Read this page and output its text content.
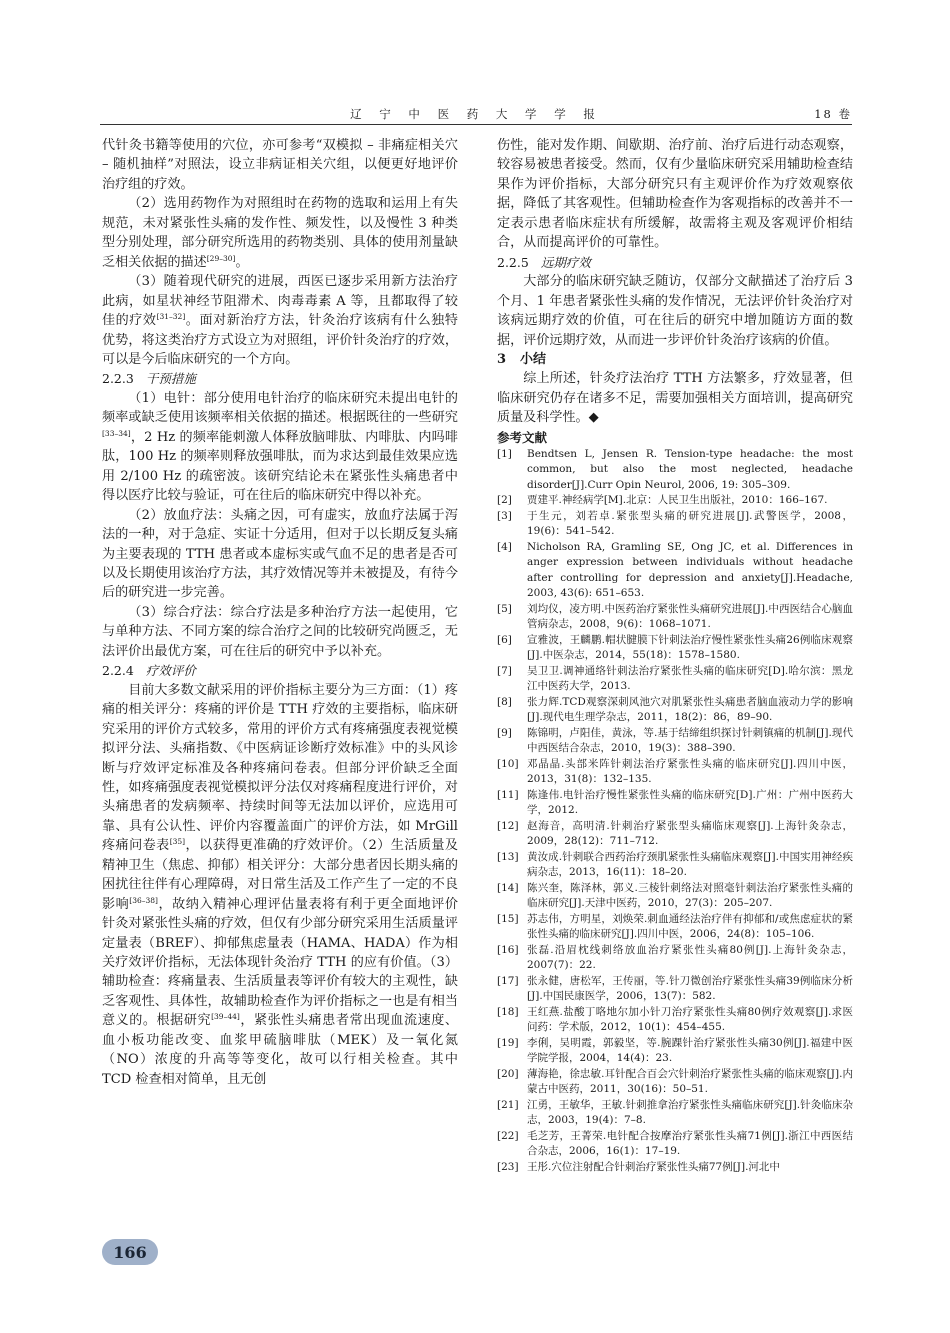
辽 宁 中 医 药 大 学 学 报	18 卷

代针灸书籍等使用的穴位，亦可参考“双模拟 – 非痛症相关穴 – 随机抽样”对照法，设立非病证相关穴组，以便更好地评价治疗组的疗效。

（2）选用药物作为对照组时在药物的选取和运用上有失规范，未对紧张性头痛的发作性、频发性，以及慢性 3 种类型分别处理，部分研究所选用的药物类别、具体的使用剂量缺乏相关依据的描述[29–30]。

（3）随着现代研究的进展，西医已逐步采用新方法治疗此病，如星状神经节阻滞术、肉毒毒素 A 等，且都取得了较佳的疗效[31–32]。面对新治疗方法，针灸治疗该病有什么独特优势，将这类治疗方式设立为对照组，评价针灸治疗的疗效，可以是今后临床研究的一个方向。

2.2.3 干预措施

（1）电针：部分使用电针治疗的临床研究未提出电针的频率或缺乏使用该频率相关依据的描述。根据既往的一些研究[33–34]，2 Hz 的频率能刺激人体释放脑啡肽、内啡肽、内吗啡肽，100 Hz 的频率则释放强啡肽，而为求达到最佳效果应选用 2/100 Hz 的疏密波。该研究结论未在紧张性头痛患者中得以医疗比较与验证，可在往后的临床研究中得以补充。

（2）放血疗法：头痛之因，可有虚实，放血疗法属于泻法的一种，对于急症、实证十分适用，但对于以长期反复头痛为主要表现的 TTH 患者或本虚标实或气血不足的患者是否可以及长期使用该治疗方法，其疗效情况等并未被提及，有待今后的研究进一步完善。

（3）综合疗法：综合疗法是多种治疗方法一起使用，它与单种方法、不同方案的综合治疗之间的比较研究尚匮乏，无法评价出最优方案，可在往后的研究中予以补充。

2.2.4 疗效评价

目前大多数文献采用的评价指标主要分为三方面：（1）疼痛的相关评分：疼痛的评价是 TTH 疗效的主要指标，临床研究采用的评价方式较多，常用的评价方式有疼痛强度表视觉模拟评分法、头痛指数、《中医病证诊断疗效标准》中的头风诊断与疗效评定标准及各种疼痛问卷表。但部分评价缺乏全面性，如疼痛强度表视觉模拟评分法仅对疼痛程度进行评价，对头痛患者的发病频率、持续时间等无法加以评价，应选用可靠、具有公认性、评价内容覆盖面广的评价方法，如 MrGill 疼痛问卷表[35]，以获得更准确的疗效评价。（2）生活质量及精神卫生（焦虑、抑郁）相关评分：大部分患者因长期头痛的困扰往往伴有心理障碍，对日常生活及工作产生了一定的不良影响[36–38]，故纳入精神心理评估量表将有利于更全面地评价针灸对紧张性头痛的疗效，但仅有少部分研究采用生活质量评定量表（BREF）、抑郁焦虑量表（HAMA、HADA）作为相关疗效评价指标，无法体现针灸治疗 TTH 的应有价值。（3）辅助检查：疼痛量表、生活质量表等评价有较大的主观性，缺乏客观性、具体性，故辅助检查作为评价指标之一也是有相当意义的。根据研究[39–44]，紧张性头痛患者常出现血流速度、血小板功能改变、血浆甲硫脑啡肽（MEK）及一氧化氮（NO）浓度的升高等等变化，故可以行相关检查。其中 TCD 检查相对简单，且无创

伤性，能对发作期、间歇期、治疗前、治疗后进行动态观察，较容易被患者接受。然而，仅有少量临床研究采用辅助检查结果作为评价指标，大部分研究只有主观评价作为疗效观察依据，降低了其客观性。但辅助检查作为客观指标的改善并不一定表示患者临床症状有所缓解，故需将主观及客观评价相结合，从而提高评价的可靠性。

2.2.5 远期疗效

大部分的临床研究缺乏随访，仅部分文献描述了治疗后 3 个月、1 年患者紧张性头痛的发作情况，无法评价针灸治疗对该病远期疗效的价值，可在往后的研究中增加随访方面的数据，评价远期疗效，从而进一步评价针灸治疗该病的价值。

3 小结

综上所述，针灸疗法治疗 TTH 方法繁多，疗效显著，但临床研究仍存在诸多不足，需要加强相关方面培训，提高研究质量及科学性。◆

参考文献
[1]	Bendtsen L, Jensen R. Tension-type headache: the most common, but also the most neglected, headache disorder[J].Curr Opin Neurol, 2006, 19: 305–309.
[2]	贾建平.神经病学[M].北京：人民卫生出版社，2010：166–167.
[3]	于生元，刘若卓.紧张型头痛的研究进展[J].武警医学，2008，19(6)：541–542.
[4]	Nicholson RA, Gramling SE, Ong JC, et al. Differences in anger expression between individuals without headache after controlling for depression and anxiety[J].Headache, 2003, 43(6): 651–653.
[5]	刘均仪，凌方明.中医药治疗紧张性头痛研究进展[J].中西医结合心脑血管病杂志，2008，9(6)：1068–1071.
[6]	宣雅波，王麟鹏.帽状腱膜下针刺法治疗慢性紧张性头痛26例临床观察[J].中医杂志，2014，55(18)：1578–1580.
[7]	吴卫卫.调神通络针刺法治疗紧张性头痛的临床研究[D].哈尔滨：黑龙江中医药大学，2013.
[8]	张力辉.TCD观察深刺风池穴对肌紧张性头痛患者脑血液动力学的影响[J].现代电生理学杂志，2011，18(2)：86，89–90.
[9]	陈锦明，卢阳佳，黄泳，等.基于结缔组织探讨针刺镇痛的机制[J].现代中西医结合杂志，2010，19(3)：388–390.
[10] 邓晶晶.头部米阵针刺法治疗紧张性头痛的临床研究[J].四川中医，2013，31(8)：132–135.
[11] 陈逢伟.电针治疗慢性紧张性头痛的临床研究[D].广州：广州中医药大学，2012.
[12] 赵海音，高明清.针刺治疗紧张型头痛临床观察[J].上海针灸杂志，2009，28(12)：711–712.
[13] 黄汝成.针刺联合西药治疗颈肌紧张性头痛临床观察[J].中国实用神经疾病杂志，2013，16(11)：18–20.
[14] 陈兴奎，陈泽林，郭义.三棱针刺络法对照毫针刺法治疗紧张性头痛的临床研究[J].天津中医药，2010，27(3)：205–207.
[15] 苏志伟，方明星，刘焕荣.刺血通经法治疗伴有抑郁和/或焦虑症状的紧张性头痛的临床研究[J].四川中医，2006，24(8)：105–106.
[16] 张磊.沿眉枕线刺络放血治疗紧张性头痛80例[J].上海针灸杂志，2007(7)：22.
[17] 张永健，唐松军，王传丽，等.针刀微创治疗紧张性头痛39例临床分析[J].中国民康医学，2006，13(7)：582.
[18] 王红燕.盐酸丁咯地尔加小针刀治疗紧张性头痛80例疗效观察[J].求医问药：学术版，2012，10(1)：454–455.
[19] 李俐，吴明霞，郭毅坚，等.腕踝针治疗紧张性头痛30例[J].福建中医学院学报，2004，14(4)：23.
[20] 薄海艳，徐忠敏.耳针配合百会穴针刺治疗紧张性头痛的临床观察[J].内蒙古中医药，2011，30(16)：50–51.
[21] 江勇，王敏华，王敏.针刺推拿治疗紧张性头痛临床研究[J].针灸临床杂志，2003，19(4)：7–8.
[22] 毛芝芳，王菁荣.电针配合按摩治疗紧张性头痛71例[J].浙江中西医结合杂志，2006，16(1)：17–19.
[23] 王彤.穴位注射配合针刺治疗紧张性头痛77例[J].河北中
166
